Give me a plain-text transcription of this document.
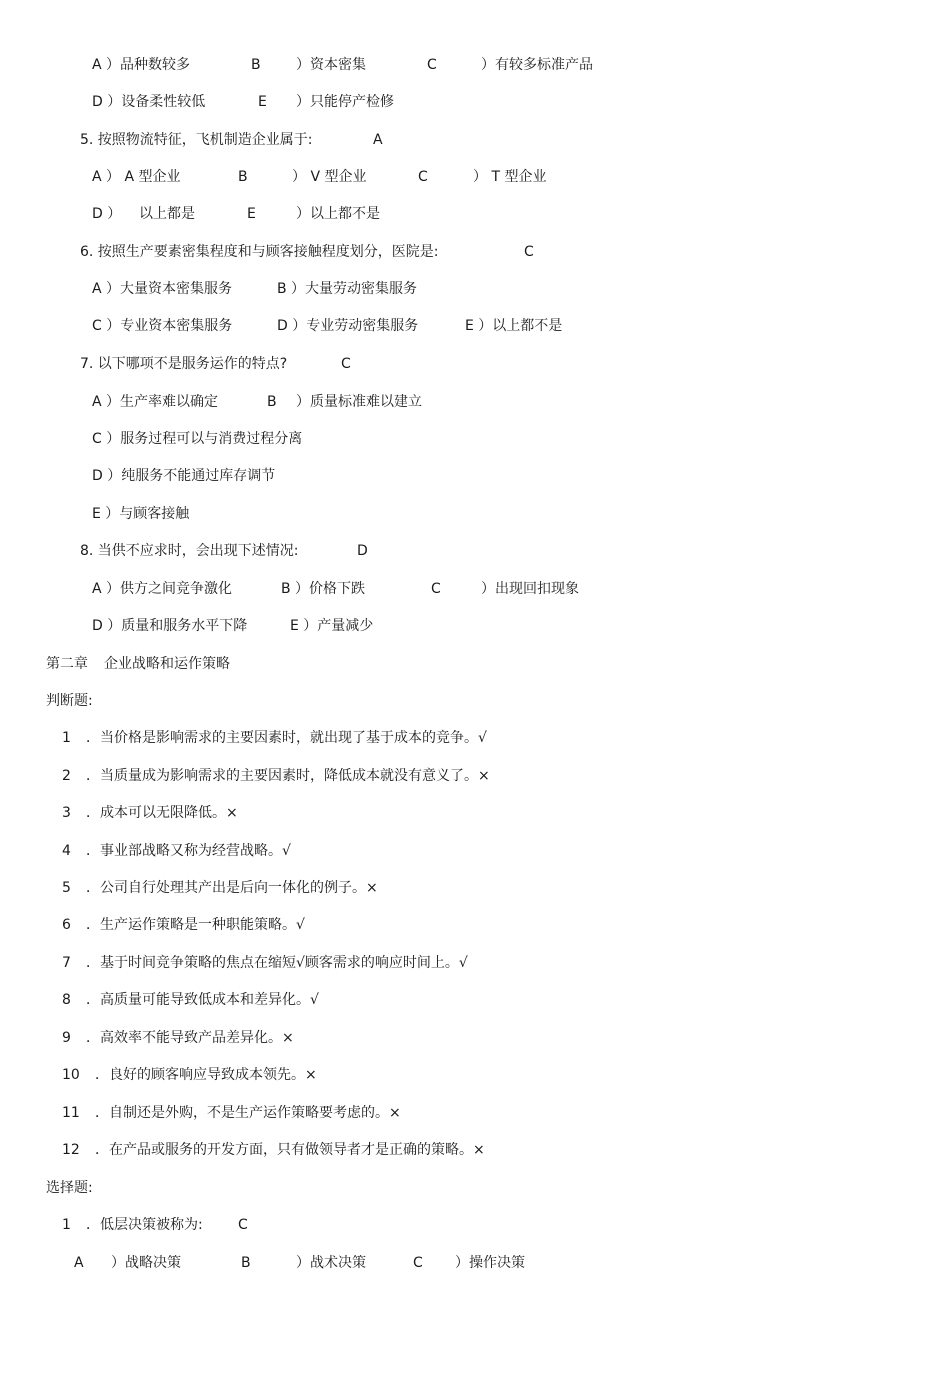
A ）品种数较多

	B

	）资本密集

	C

	）有较多标准产品

D ）设备柔性较低

	E

）只能停产检修

5. 按照物流特征，飞机制造企业属于:

	A

A ） A 型企业

	B

	） V 型企业

	C

	） T 型企业

D ）

以上都是

	E

	）以上都不是

6. 按照生产要素密集程度和与顾客接触程度划分，医院是:

	C

A ）大量资本密集服务

	B ）大量劳动密集服务

C ）专业资本密集服务

	D ）专业劳动密集服务

	E ）以上都不是

7. 以下哪项不是服务运作的特点?

	C

A ）生产率难以确定

	B

）质量标准难以建立

C ）服务过程可以与消费过程分离

D ）纯服务不能通过库存调节

E ）与顾客接触

8. 当供不应求时，会出现下述情况:

	D

A ）供方之间竞争激化

	B ）价格下跌

	C

	）出现回扣现象

D ）质量和服务水平下降

	E ）产量减少

第二章

企业战略和运作策略

判断题:

1

．当价格是影响需求的主要因素时，就出现了基于成本的竞争。√

2

．当质量成为影响需求的主要因素时，降低成本就没有意义了。×

3

．成本可以无限降低。×

4

．事业部战略又称为经营战略。√

5

．公司自行处理其产出是后向一体化的例子。×

6

．生产运作策略是一种职能策略。√

7

．基于时间竞争策略的焦点在缩短√顾客需求的响应时间上。√

8

．高质量可能导致低成本和差异化。√

9

．高效率不能导致产品差异化。×

10

．良好的顾客响应导致成本领先。×

11

．自制还是外购，不是生产运作策略要考虑的。×

12

．在产品或服务的开发方面，只有做领导者才是正确的策略。×

选择题:

1

．低层决策被称为:

	C

A

）战略决策

	B

	）战术决策

	C

）操作决策
